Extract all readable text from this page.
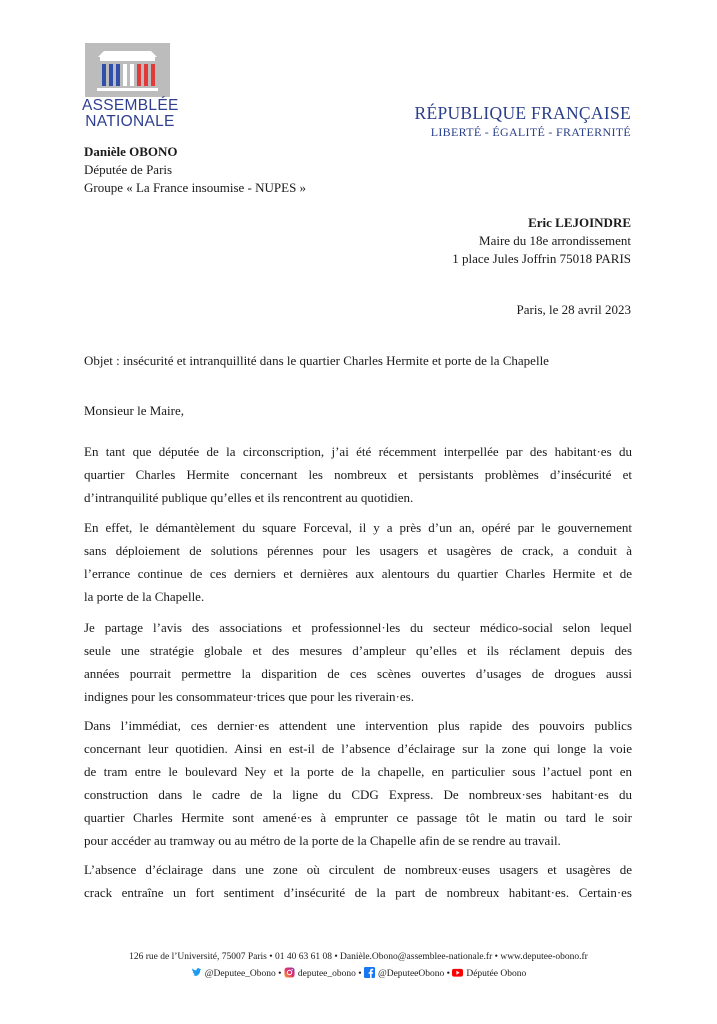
ASSEMBLÉE
NATIONALE	RÉPUBLIQUE FRANÇAISE
LIBERTÉ - ÉGALITÉ - FRATERNITÉ
Danièle OBONO
Députée de Paris
Groupe « La France insoumise - NUPES »
Eric LEJOINDRE
Maire du 18e arrondissement
1 place Jules Joffrin 75018 PARIS
Paris, le 28 avril 2023
Objet : insécurité et intranquillité dans le quartier Charles Hermite et porte de la Chapelle
Monsieur le Maire,
En tant que députée de la circonscription, j’ai été récemment interpellée par des habitant·es du
quartier Charles Hermite concernant les nombreux et persistants problèmes d’insécurité et
d’intranquilité publique qu’elles et ils rencontrent au quotidien.
En effet, le démantèlement du square Forceval, il y a près d’un an, opéré par le gouvernement
sans déploiement de solutions pérennes pour les usagers et usagères de crack, a conduit à
l’errance continue de ces derniers et dernières aux alentours du quartier Charles Hermite et de
la porte de la Chapelle.
Je partage l’avis des associations et professionnel·les du secteur médico-social selon lequel
seule une stratégie globale et des mesures d’ampleur qu’elles et ils réclament depuis des
années pourrait permettre la disparition de ces scènes ouvertes d’usages de drogues aussi
indignes pour les consommateur·trices que pour les riverain·es.
Dans l’immédiat, ces dernier·es attendent une intervention plus rapide des pouvoirs publics
concernant leur quotidien. Ainsi en est-il de l’absence d’éclairage sur la zone qui longe la voie
de tram entre le boulevard Ney et la porte de la chapelle, en particulier sous l’actuel pont en
construction dans le cadre de la ligne du CDG Express. De nombreux·ses habitant·es du
quartier Charles Hermite sont amené·es à emprunter ce passage tôt le matin ou tard le soir
pour accéder au tramway ou au métro de la porte de la Chapelle afin de se rendre au travail.
L’absence d’éclairage dans une zone où circulent de nombreux·euses usagers et usagères de
crack entraîne un fort sentiment d’insécurité de la part de nombreux habitant·es. Certain·es
126 rue de l’Université, 75007 Paris • 01 40 63 61 08 • Danièle.Obono@assemblee-nationale.fr • www.deputee-obono.fr
@Deputee_Obono • deputee_obono • @DeputeeObono • Députée Obono
